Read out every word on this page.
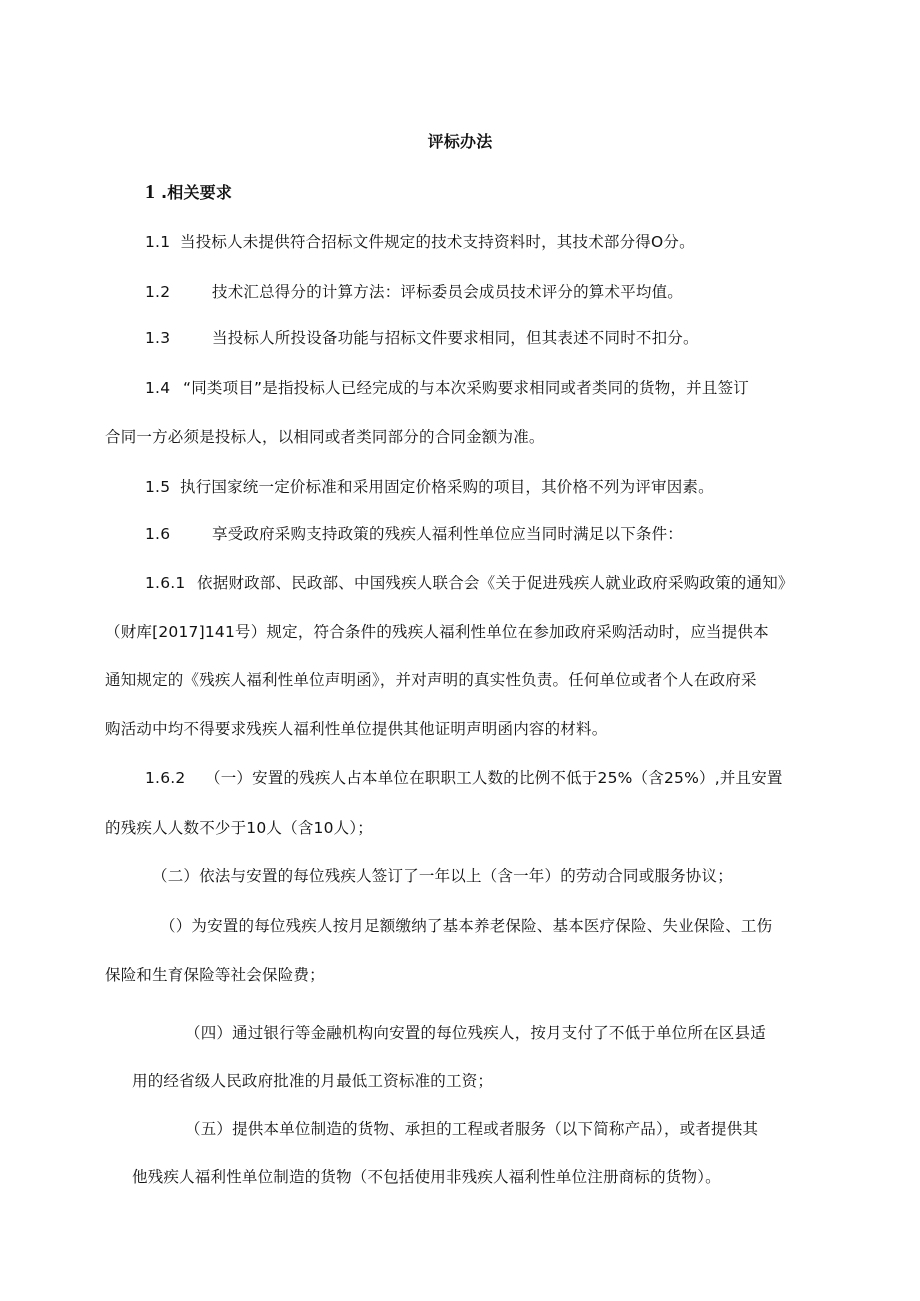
评标办法
1 .相关要求
1.1 当投标人未提供符合招标文件规定的技术支持资料时，其技术部分得O分。
1.2	技术汇总得分的计算方法：评标委员会成员技术评分的算术平均值。
1.3	当投标人所投设备功能与招标文件要求相同，但其表述不同时不扣分。
1.4 “同类项目”是指投标人已经完成的与本次采购要求相同或者类同的货物，并且签订
合同一方必须是投标人，以相同或者类同部分的合同金额为准。
1.5 执行国家统一定价标准和采用固定价格采购的项目，其价格不列为评审因素。
1.6	享受政府采购支持政策的残疾人福利性单位应当同时满足以下条件：
1.6.1 依据财政部、民政部、中国残疾人联合会《关于促进残疾人就业政府采购政策的通知》
（财库[2017]141号）规定，符合条件的残疾人福利性单位在参加政府采购活动时，应当提供本
通知规定的《残疾人福利性单位声明函》，并对声明的真实性负责。任何单位或者个人在政府采
购活动中均不得要求残疾人福利性单位提供其他证明声明函内容的材料。
1.6.2 （一）安置的残疾人占本单位在职职工人数的比例不低于25%（含25%）,并且安置
的残疾人人数不少于10人（含10人）；
（二）依法与安置的每位残疾人签订了一年以上（含一年）的劳动合同或服务协议；
（）为安置的每位残疾人按月足额缴纳了基本养老保险、基本医疗保险、失业保险、工伤
保险和生育保险等社会保险费；
（四）通过银行等金融机构向安置的每位残疾人，按月支付了不低于单位所在区县适
用的经省级人民政府批准的月最低工资标准的工资；
（五）提供本单位制造的货物、承担的工程或者服务（以下简称产品），或者提供其
他残疾人福利性单位制造的货物（不包括使用非残疾人福利性单位注册商标的货物）。
